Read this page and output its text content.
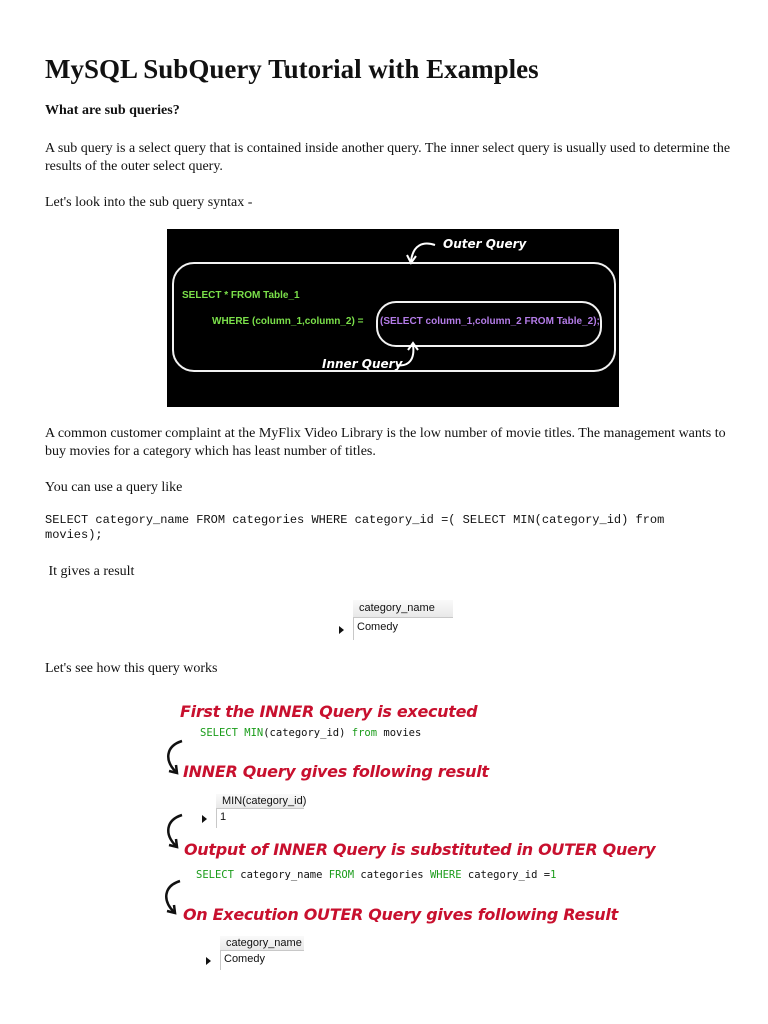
MySQL SubQuery Tutorial with Examples
What are sub queries?
A sub query is a select query that is contained inside another query. The inner select query is usually used to determine the results of the outer select query.
Let's look into the sub query syntax -
Outer Query
SELECT * FROM Table_1
WHERE (column_1,column_2) = (SELECT column_1,column_2 FROM Table_2);
Inner Query
A common customer complaint at the MyFlix Video Library is the low number of movie titles. The management wants to buy movies for a category which has least number of titles.
You can use a query like
SELECT category_name FROM categories WHERE category_id =( SELECT MIN(category_id) from movies);
It gives a result
category_name
Comedy
Let's see how this query works
First the INNER Query is executed
SELECT MIN(category_id) from movies
INNER Query gives following result
MIN(category_id)
1
Output of INNER Query is substituted in OUTER Query
SELECT category_name FROM categories WHERE category_id =1
On Execution OUTER Query gives following Result
category_name
Comedy
